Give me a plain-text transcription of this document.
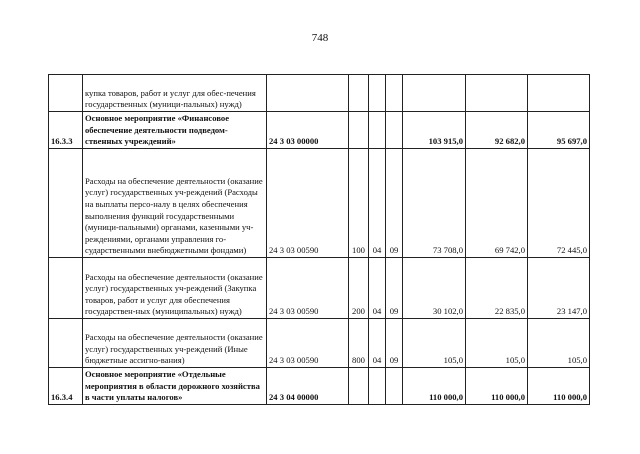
748
	купка товаров, работ и услуг для обес-печения государственных (муници-пальных) нужд)							
16.3.3	Основное мероприятие «Финансовое обеспечение деятельности подведом-ственных учреждений»	24 3 03 00000				103 915,0	92 682,0	95 697,0
	Расходы на обеспечение деятельности (оказание услуг) государственных уч-реждений (Расходы на выплаты персо-налу в целях обеспечения выполнения функций государственными (муници-пальными) органами, казенными уч-реждениями, органами управления го-сударственными внебюджетными фондами)	24 3 03 00590	100	04	09	73 708,0	69 742,0	72 445,0
	Расходы на обеспечение деятельности (оказание услуг) государственных уч-реждений (Закупка товаров, работ и услуг для обеспечения государствен-ных (муниципальных) нужд)	24 3 03 00590	200	04	09	30 102,0	22 835,0	23 147,0
	Расходы на обеспечение деятельности (оказание услуг) государственных уч-реждений (Иные бюджетные ассигно-вания)	24 3 03 00590	800	04	09	105,0	105,0	105,0
16.3.4	Основное мероприятие «Отдельные мероприятия в области дорожного хозяйства в части уплаты налогов»	24 3 04 00000				110 000,0	110 000,0	110 000,0
